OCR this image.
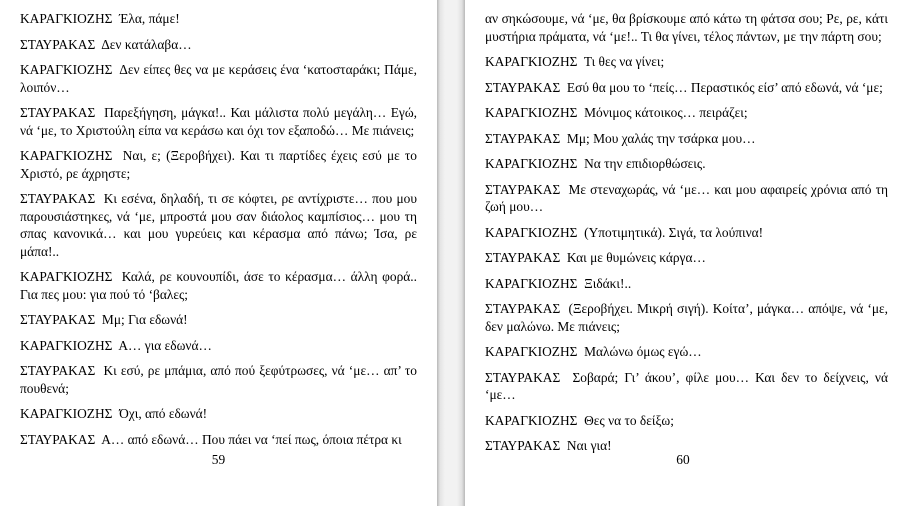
ΚΑΡΑΓΚΙΟΖΗΣ  Έλα, πάμε!

ΣΤΑΥΡΑΚΑΣ  Δεν κατάλαβα…

ΚΑΡΑΓΚΙΟΖΗΣ  Δεν είπες θες να με κεράσεις ένα ‘κατοσταράκι; Πάμε, λοιπόν…

ΣΤΑΥΡΑΚΑΣ  Παρεξήγηση, μάγκα!.. Και μάλιστα πολύ μεγάλη… Εγώ, νά ‘με, το Χριστούλη είπα να κεράσω και όχι τον εξαποδώ… Με πιάνεις;

ΚΑΡΑΓΚΙΟΖΗΣ  Ναι, ε; (Ξεροβήχει). Και τι παρτίδες έχεις εσύ με το Χριστό, ρε άχρηστε;

ΣΤΑΥΡΑΚΑΣ  Κι εσένα, δηλαδή, τι σε κόφτει, ρε αντίχριστε… που μου παρουσιάστηκες, νά ‘με, μπροστά μου σαν διάολος καμπίσιος… μου τη σπας κανονικά… και μου γυρεύεις και κέρασμα από πάνω; Ίσα, ρε μάπα!..

ΚΑΡΑΓΚΙΟΖΗΣ  Καλά, ρε κουνουπίδι, άσε το κέρασμα… άλλη φορά.. Για πες μου: για πού τό ‘βαλες;

ΣΤΑΥΡΑΚΑΣ  Μμ; Για εδωνά!

ΚΑΡΑΓΚΙΟΖΗΣ  Α… για εδωνά…

ΣΤΑΥΡΑΚΑΣ  Κι εσύ, ρε μπάμια, από πού ξεφύτρωσες, νά ‘με… απ’ το πουθενά;

ΚΑΡΑΓΚΙΟΖΗΣ  Όχι, από εδωνά!

ΣΤΑΥΡΑΚΑΣ  Α… από εδωνά… Που πάει να ‘πεί πως, όποια πέτρα κι

59

αν σηκώσουμε, νά ‘με, θα βρίσκουμε από κάτω τη φάτσα σου; Ρε, ρε, κάτι μυστήρια πράματα, νά ‘με!.. Τι θα γίνει, τέλος πάντων, με την πάρτη σου;

ΚΑΡΑΓΚΙΟΖΗΣ  Τι θες να γίνει;

ΣΤΑΥΡΑΚΑΣ  Εσύ θα μου το ‘πείς… Περαστικός είσ’ από εδωνά, νά ‘με;

ΚΑΡΑΓΚΙΟΖΗΣ  Μόνιμος κάτοικος… πειράζει;

ΣΤΑΥΡΑΚΑΣ  Μμ; Μου χαλάς την τσάρκα μου…

ΚΑΡΑΓΚΙΟΖΗΣ  Να την επιδιορθώσεις.

ΣΤΑΥΡΑΚΑΣ  Με στεναχωράς, νά ‘με… και μου αφαιρείς χρόνια από τη ζωή μου…

ΚΑΡΑΓΚΙΟΖΗΣ  (Υποτιμητικά). Σιγά, τα λούπινα!

ΣΤΑΥΡΑΚΑΣ  Και με θυμώνεις κάργα…

ΚΑΡΑΓΚΙΟΖΗΣ  Ξιδάκι!..

ΣΤΑΥΡΑΚΑΣ  (Ξεροβήχει. Μικρή σιγή). Κοίτα’, μάγκα… απόψε, νά ‘με, δεν μαλώνω. Με πιάνεις;

ΚΑΡΑΓΚΙΟΖΗΣ  Μαλώνω όμως εγώ…

ΣΤΑΥΡΑΚΑΣ  Σοβαρά; Γι’ άκου’, φίλε μου… Και δεν το δείχνεις, νά ‘με…

ΚΑΡΑΓΚΙΟΖΗΣ  Θες να το δείξω;

ΣΤΑΥΡΑΚΑΣ  Ναι για!

60
